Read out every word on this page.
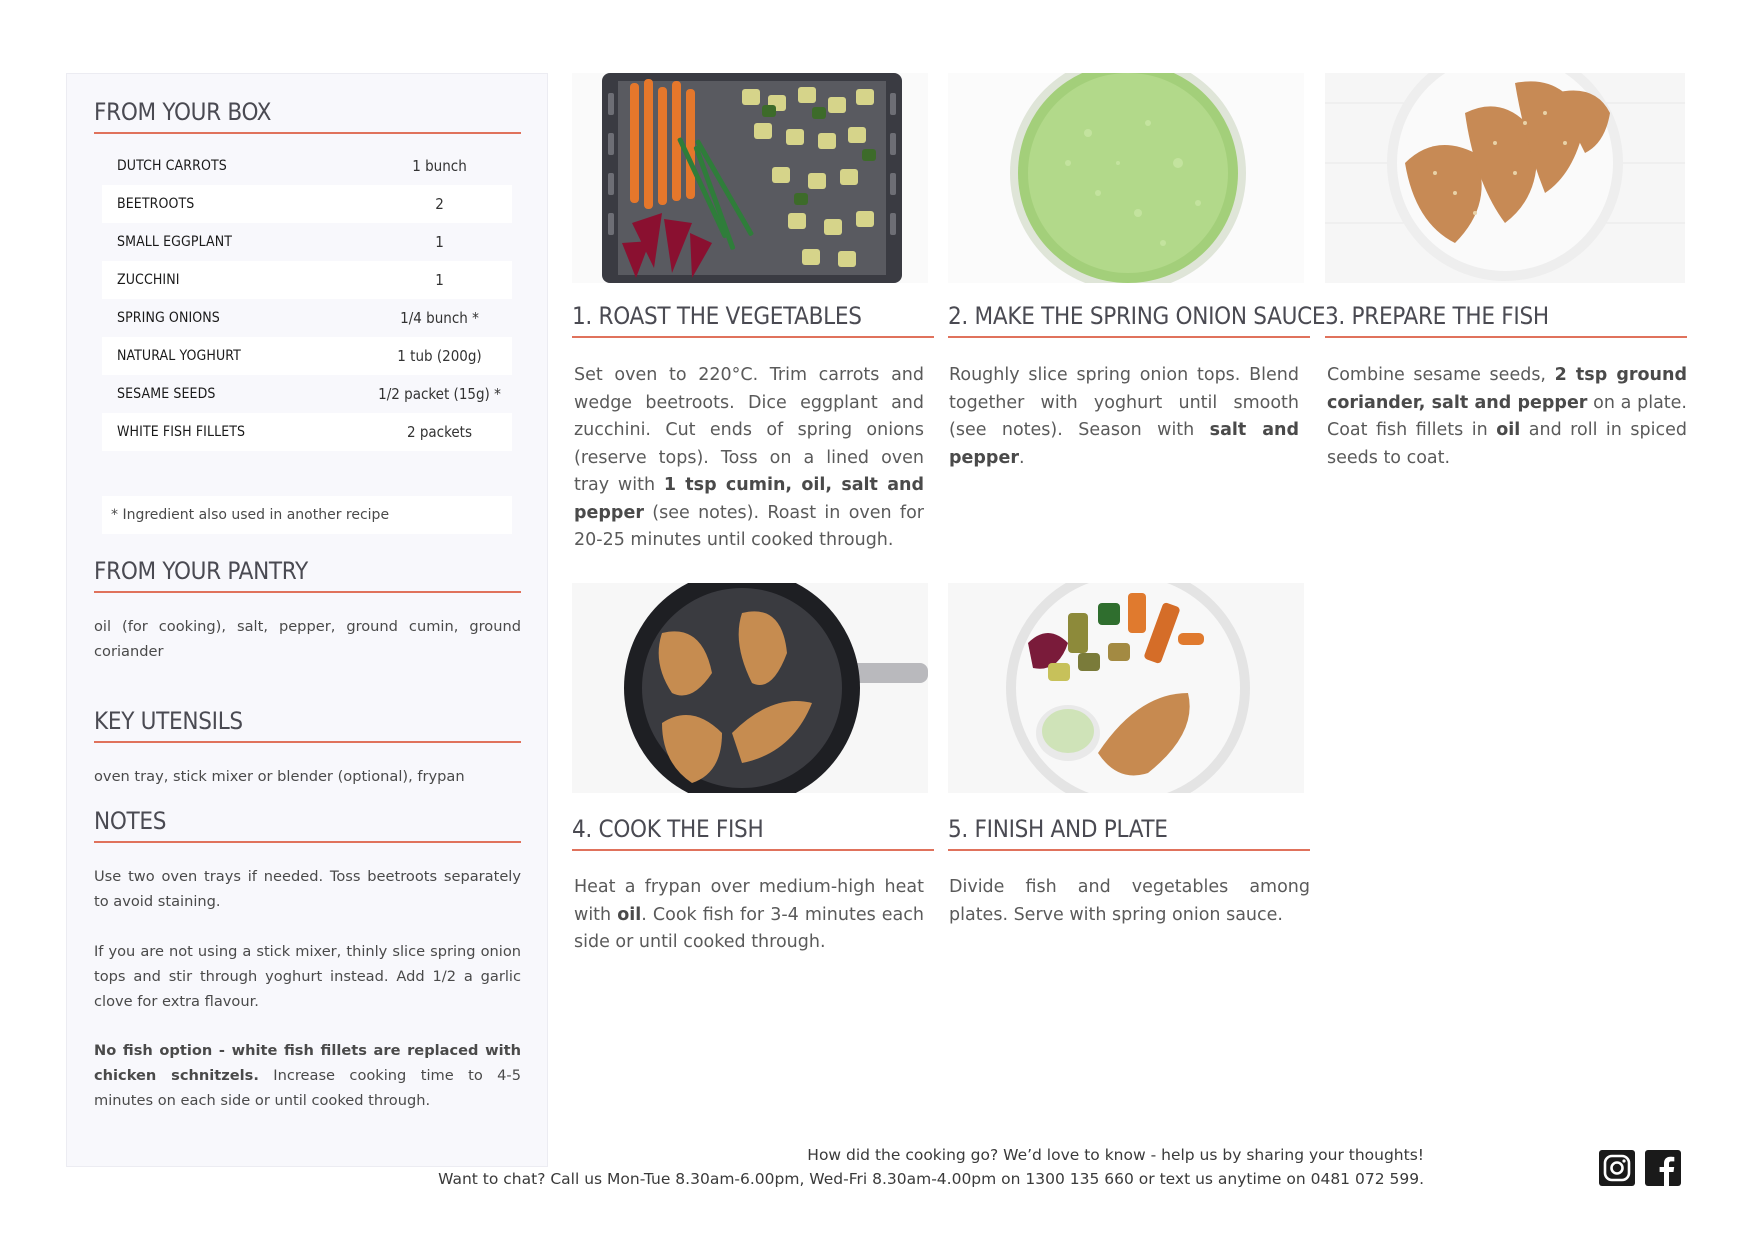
FROM YOUR BOX
DUTCH CARROTS	1 bunch
BEETROOTS	2
SMALL EGGPLANT	1
ZUCCHINI	1
SPRING ONIONS	1/4 bunch *
NATURAL YOGHURT	1 tub (200g)
SESAME SEEDS	1/2 packet (15g) *
WHITE FISH FILLETS	2 packets
* Ingredient also used in another recipe
FROM YOUR PANTRY
oil (for cooking), salt, pepper, ground cumin, ground coriander
KEY UTENSILS
oven tray, stick mixer or blender (optional), frypan
NOTES
Use two oven trays if needed. Toss beetroots separately to avoid staining.
If you are not using a stick mixer, thinly slice spring onion tops and stir through yoghurt instead. Add 1/2 a garlic clove for extra flavour.
No fish option - white fish fillets are replaced with chicken schnitzels. Increase cooking time to 4-5 minutes on each side or until cooked through.
1. ROAST THE VEGETABLES	2. MAKE THE SPRING ONION SAUCE 3. PREPARE THE FISH
4. COOK THE FISH	5. FINISH AND PLATE
Set oven to 220°C. Trim carrots and wedge beetroots. Dice eggplant and zucchini. Cut ends of spring onions (reserve tops). Toss on a lined oven tray with 1 tsp cumin, oil, salt and pepper (see notes). Roast in oven for 20-25 minutes until cooked through.
Roughly slice spring onion tops. Blend together with yoghurt until smooth (see notes). Season with salt and pepper.
Combine sesame seeds, 2 tsp ground coriander, salt and pepper on a plate. Coat fish fillets in oil and roll in spiced seeds to coat.
Heat a frypan over medium-high heat with oil. Cook fish for 3-4 minutes each side or until cooked through.
Divide fish and vegetables among plates. Serve with spring onion sauce.
How did the cooking go? We’d love to know - help us by sharing your thoughts!
Want to chat? Call us Mon-Tue 8.30am-6.00pm, Wed-Fri 8.30am-4.00pm on 1300 135 660 or text us anytime on 0481 072 599.
